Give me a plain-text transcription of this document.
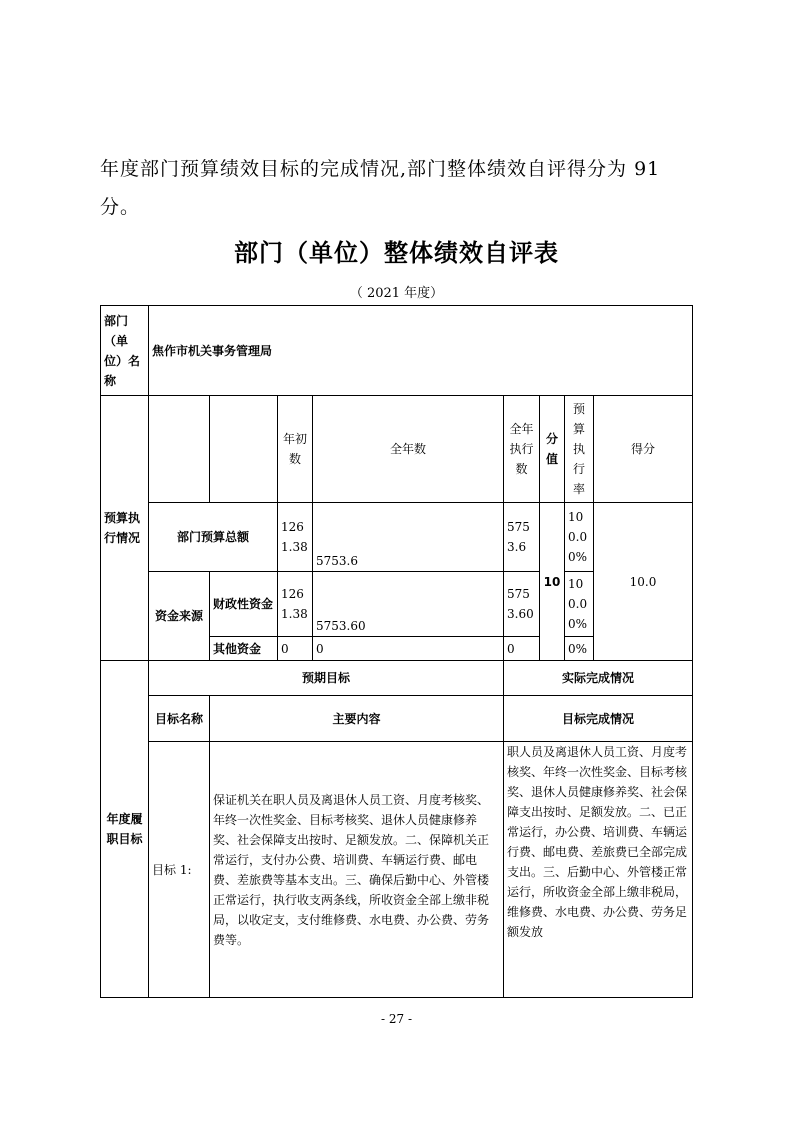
年度部门预算绩效目标的完成情况,部门整体绩效自评得分为 91 分。

部门（单位）整体绩效自评表

（ 2021 年度）

部门（单位）名称	焦作市机关事务管理局							
预算执行情况			年初数	全年数	全年执行数	分值	预算执行率	得分
	部门预算总额		1261.38	5753.6	5753.6	10	100.00%	10.0
	资金来源	财政性资金	1261.38	5753.60	5753.60		100.00%	
		其他资金	0	0	0		0%	
年度履职目标	预期目标				实际完成情况			
	目标名称	主要内容			目标完成情况			
	目标 1:	保证机关在职人员及离退休人员工资、月度考核奖、年终一次性奖金、目标考核奖、退休人员健康修养奖、社会保障支出按时、足额发放。二、保障机关正常运行，支付办公费、培训费、车辆运行费、邮电费、差旅费等基本支出。三、确保后勤中心、外管楼正常运行，执行收支两条线，所收资金全部上缴非税局，以收定支，支付维修费、水电费、办公费、劳务费等。			职人员及离退休人员工资、月度考核奖、年终一次性奖金、目标考核奖、退休人员健康修养奖、社会保障支出按时、足额发放。二、已正常运行，办公费、培训费、车辆运行费、邮电费、差旅费已全部完成支出。三、后勤中心、外管楼正常运行，所收资金全部上缴非税局，维修费、水电费、办公费、劳务足额发放			

- 27 -
